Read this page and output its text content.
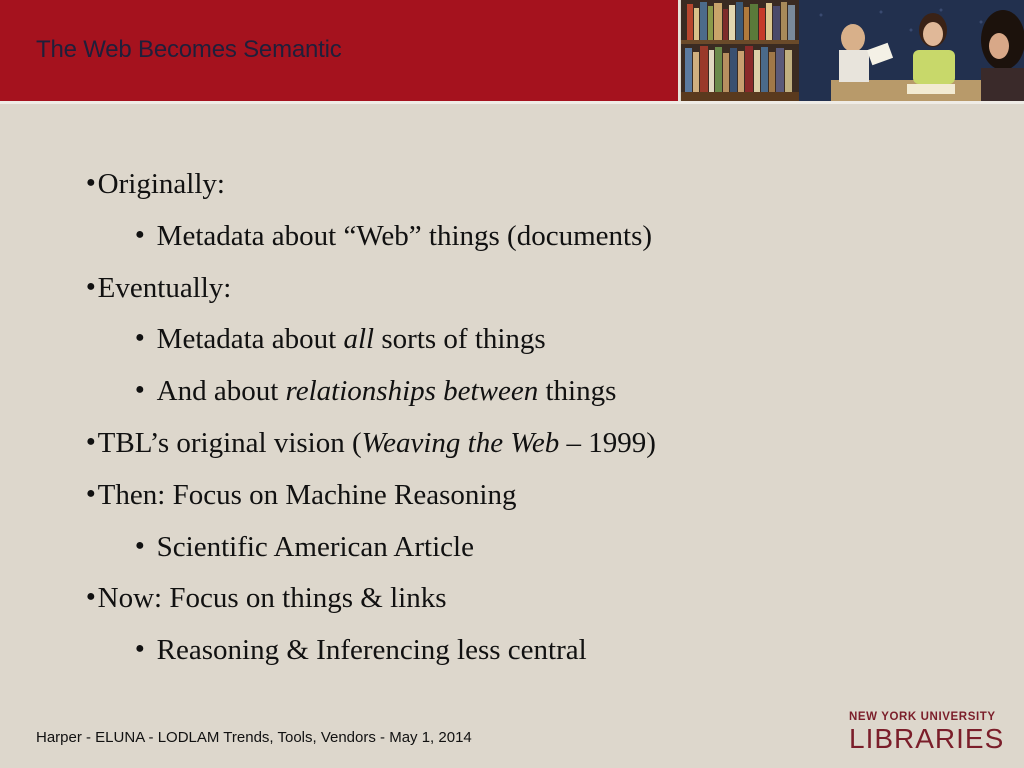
The Web Becomes Semantic
●Originally:
● Metadata about “Web” things (documents)
●Eventually:
● Metadata about all sorts of things
● And about relationships between things
●TBL’s original vision (Weaving the Web – 1999)
●Then: Focus on Machine Reasoning
● Scientific American Article
●Now: Focus on things & links
● Reasoning & Inferencing less central
Harper - ELUNA - LODLAM Trends, Tools, Vendors - May 1, 2014
NEW YORK UNIVERSITY
LIBRARIES
